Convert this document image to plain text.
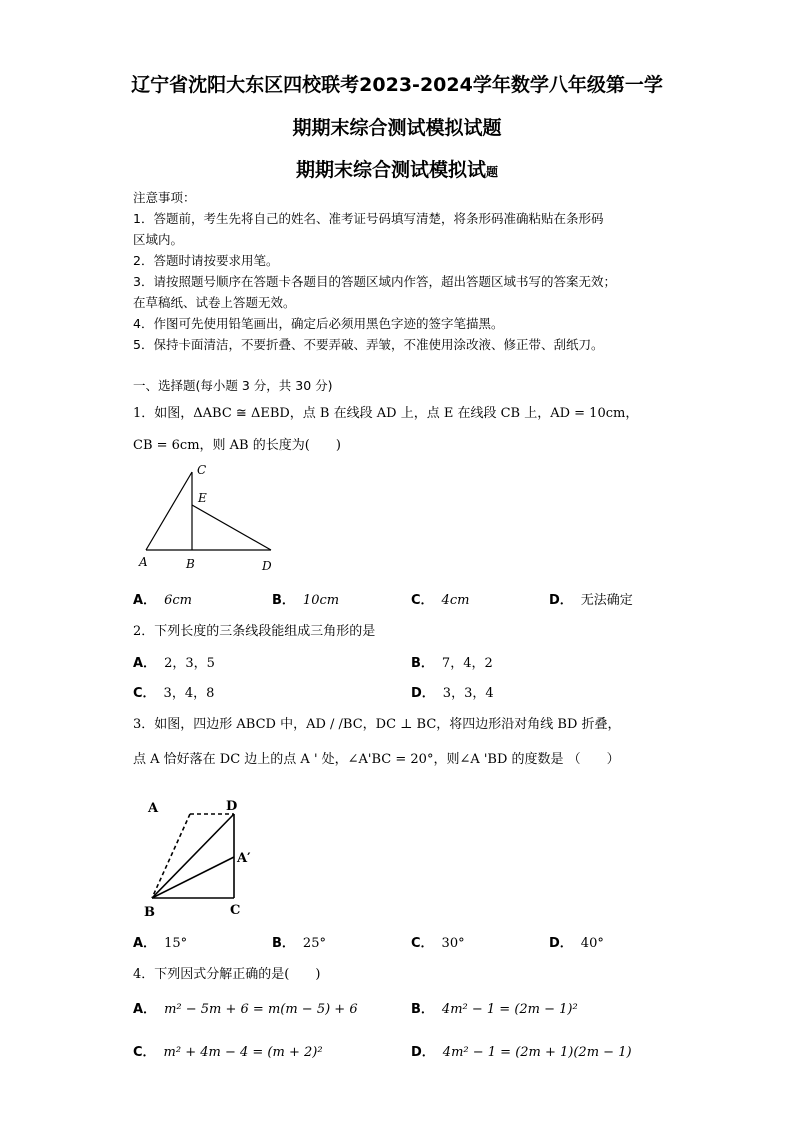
辽宁省沈阳大东区四校联考2023-2024学年数学八年级第一学
期期末综合测试模拟试题
期期末综合测试模拟试题
注意事项：
1．答题前，考生先将自己的姓名、准考证号码填写清楚，将条形码准确粘贴在条形码
区域内。
2．答题时请按要求用笔。
3．请按照题号顺序在答题卡各题目的答题区域内作答，超出答题区域书写的答案无效；
在草稿纸、试卷上答题无效。
4．作图可先使用铅笔画出，确定后必须用黑色字迹的签字笔描黑。
5．保持卡面清洁，不要折叠、不要弄破、弄皱，不准使用涂改液、修正带、刮纸刀。
一、选择题(每小题 3 分，共 30 分)
1．如图，ΔABC ≅ ΔEBD，点 B 在线段 AD 上，点 E 在线段 CB 上，AD = 10cm，
CB = 6cm，则 AB 的长度为(　　)
C
E
A	B	D
A． 6cm	B． 10cm	C． 4cm	D． 无法确定
2．下列长度的三条线段能组成三角形的是
A． 2，3，5	B． 7，4，2
C． 3，4，8	D． 3，3，4
3．如图，四边形 ABCD 中，AD / /BC，DC ⊥ BC，将四边形沿对角线 BD 折叠，
点 A 恰好落在 DC 边上的点 A ' 处，∠A'BC = 20°，则∠A 'BD 的度数是 （　　）
A	D
A′
B	C
A． 15°	B． 25°	C． 30°	D． 40°
4．下列因式分解正确的是(　　)
A． m² − 5m + 6 = m(m − 5) + 6	B． 4m² − 1 = (2m − 1)²
C． m² + 4m − 4 = (m + 2)²	D． 4m² − 1 = (2m + 1)(2m − 1)
